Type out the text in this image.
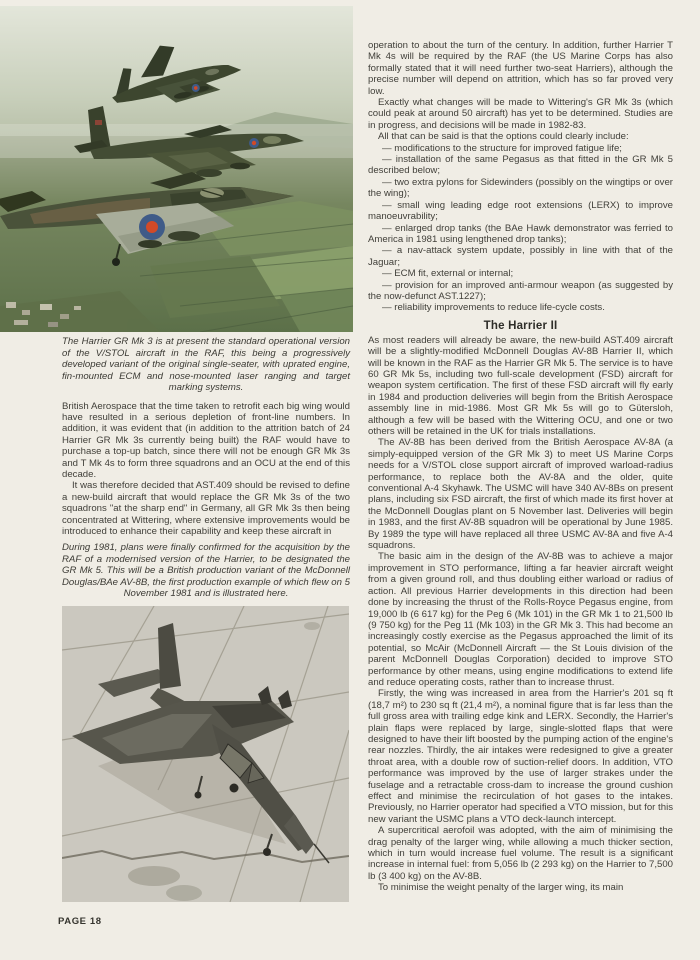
The Harrier GR Mk 3 is at present the standard operational version of the V/STOL aircraft in the RAF, this being a progressively developed variant of the original single-seater, with uprated engine, fin-mounted ECM and nose-mounted laser ranging and target marking systems.

British Aerospace that the time taken to retrofit each big wing would have resulted in a serious depletion of front-line numbers. In addition, it was evident that (in addition to the attrition batch of 24 Harrier GR Mk 3s currently being built) the RAF would have to purchase a top-up batch, since there will not be enough GR Mk 3s and T Mk 4s to form three squadrons and an OCU at the end of this decade.

It was therefore decided that AST.409 should be revised to define a new-build aircraft that would replace the GR Mk 3s of the two squadrons "at the sharp end" in Germany, all GR Mk 3s then being concentrated at Wittering, where extensive improvements would be introduced to enhance their capability and keep these aircraft in

During 1981, plans were finally confirmed for the acquisition by the RAF of a modernised version of the Harrier, to be designated the GR Mk 5. This will be a British production variant of the McDonnell Douglas/BAe AV-8B, the first production example of which flew on 5 November 1981 and is illustrated here.

operation to about the turn of the century. In addition, further Harrier T Mk 4s will be required by the RAF (the US Marine Corps has also formally stated that it will need further two-seat Harriers), although the precise number will depend on attrition, which has so far proved very low.

Exactly what changes will be made to Wittering's GR Mk 3s (which could peak at around 50 aircraft) has yet to be determined. Studies are in progress, and decisions will be made in 1982-83.

All that can be said is that the options could clearly include:

— modifications to the structure for improved fatigue life;

— installation of the same Pegasus as that fitted in the GR Mk 5 described below;

— two extra pylons for Sidewinders (possibly on the wingtips or over the wing);

— small wing leading edge root extensions (LERX) to improve manoeuvrability;

— enlarged drop tanks (the BAe Hawk demonstrator was ferried to America in 1981 using lengthened drop tanks);

— a nav-attack system update, possibly in line with that of the Jaguar;

— ECM fit, external or internal;

— provision for an improved anti-armour weapon (as suggested by the now-defunct AST.1227);

— reliability improvements to reduce life-cycle costs.

The Harrier II

As most readers will already be aware, the new-build AST.409 aircraft will be a slightly-modified McDonnell Douglas AV-8B Harrier II, which will be known in the RAF as the Harrier GR Mk 5. The service is to have 60 GR Mk 5s, including two full-scale development (FSD) aircraft for weapon system certification. The first of these FSD aircraft will fly early in 1984 and production deliveries will begin from the British Aerospace assembly line in mid-1986. Most GR Mk 5s will go to Gütersloh, although a few will be based with the Wittering OCU, and one or two others will be retained in the UK for trials installations.

The AV-8B has been derived from the British Aerospace AV-8A (a simply-equipped version of the GR Mk 3) to meet US Marine Corps needs for a V/STOL close support aircraft of improved warload-radius performance, to replace both the AV-8A and the older, quite conventional A-4 Skyhawk. The USMC will have 340 AV-8Bs on present plans, including six FSD aircraft, the first of which made its first hover at the McDonnell Douglas plant on 5 November last. Deliveries will begin in 1983, and the first AV-8B squadron will be operational by June 1985. By 1989 the type will have replaced all three USMC AV-8A and five A-4 squadrons.

The basic aim in the design of the AV-8B was to achieve a major improvement in STO performance, lifting a far heavier aircraft weight from a given ground roll, and thus doubling either warload or radius of action. All previous Harrier developments in this direction had been done by increasing the thrust of the Rolls-Royce Pegasus engine, from 19,000 lb (6 617 kg) for the Peg 6 (Mk 101) in the GR Mk 1 to 21,500 lb (9 750 kg) for the Peg 11 (Mk 103) in the GR Mk 3. This had become an increasingly costly exercise as the Pegasus approached the limit of its potential, so McAir (McDonnell Aircraft — the St Louis division of the parent McDonnell Douglas Corporation) decided to improve STO performance by other means, using engine modifications to extend life and reduce operating costs, rather than to increase thrust.

Firstly, the wing was increased in area from the Harrier's 201 sq ft (18,7 m²) to 230 sq ft (21,4 m²), a nominal figure that is far less than the full gross area with trailing edge kink and LERX. Secondly, the Harrier's plain flaps were replaced by large, single-slotted flaps that were designed to have their lift boosted by the pumping action of the engine's rear nozzles. Thirdly, the air intakes were redesigned to give a greater throat area, with a double row of suction-relief doors. In addition, VTO performance was improved by the use of larger strakes under the fuselage and a retractable cross-dam to increase the ground cushion effect and minimise the recirculation of hot gases to the intakes. Previously, no Harrier operator had specified a VTO mission, but for this new variant the USMC plans a VTO deck-launch intercept.

A supercritical aerofoil was adopted, with the aim of minimising the drag penalty of the larger wing, while allowing a much thicker section, which in turn would increase fuel volume. The result is a significant increase in internal fuel: from 5,056 lb (2 293 kg) on the Harrier to 7,500 lb (3 400 kg) on the AV-8B.

To minimise the weight penalty of the larger wing, its main

PAGE 18
